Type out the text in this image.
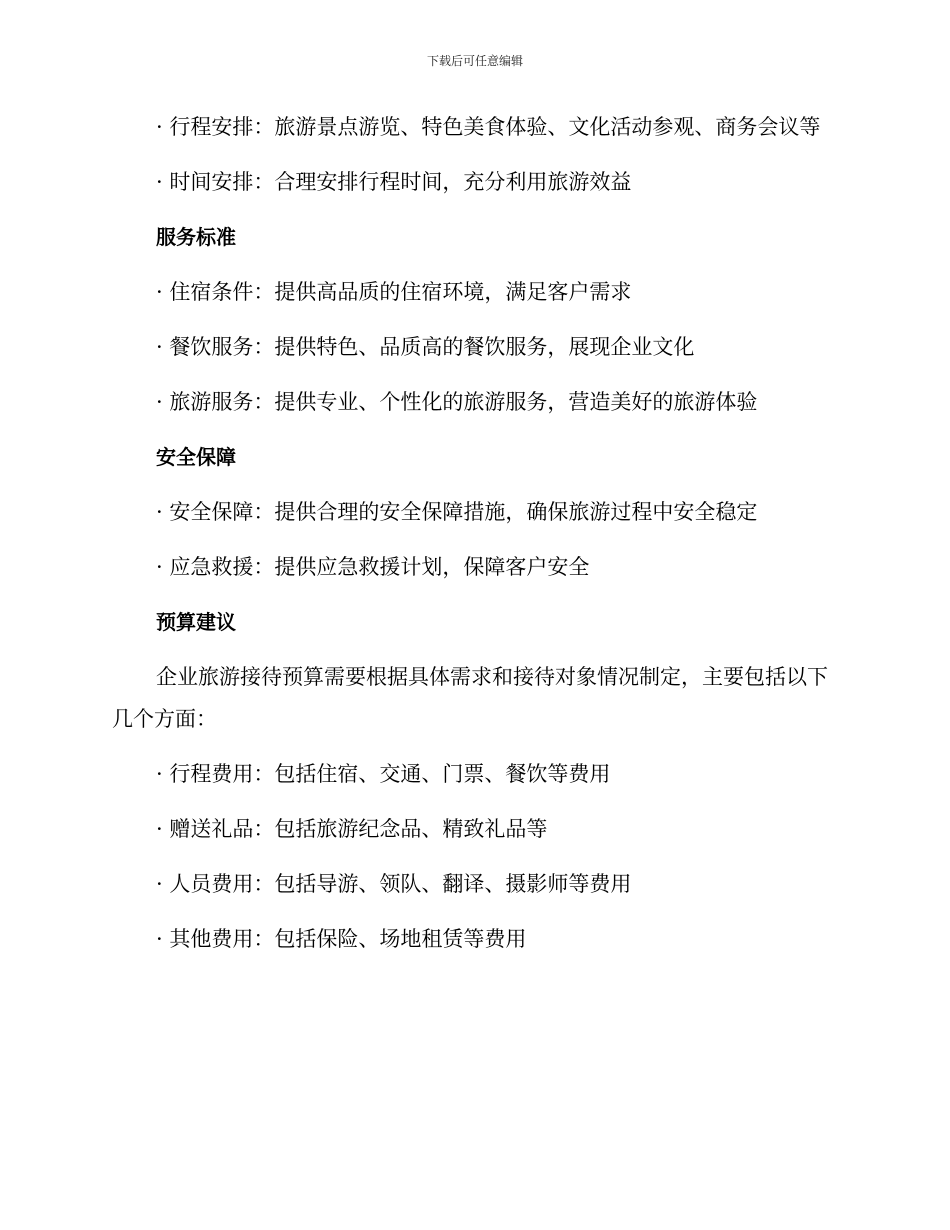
下载后可任意编辑
· 行程安排：旅游景点游览、特色美食体验、文化活动参观、商务会议等
· 时间安排：合理安排行程时间，充分利用旅游效益
服务标准
· 住宿条件：提供高品质的住宿环境，满足客户需求
· 餐饮服务：提供特色、品质高的餐饮服务，展现企业文化
· 旅游服务：提供专业、个性化的旅游服务，营造美好的旅游体验
安全保障
· 安全保障：提供合理的安全保障措施，确保旅游过程中安全稳定
· 应急救援：提供应急救援计划，保障客户安全
预算建议
企业旅游接待预算需要根据具体需求和接待对象情况制定，主要包括以下几个方面：
· 行程费用：包括住宿、交通、门票、餐饮等费用
· 赠送礼品：包括旅游纪念品、精致礼品等
· 人员费用：包括导游、领队、翻译、摄影师等费用
· 其他费用：包括保险、场地租赁等费用
